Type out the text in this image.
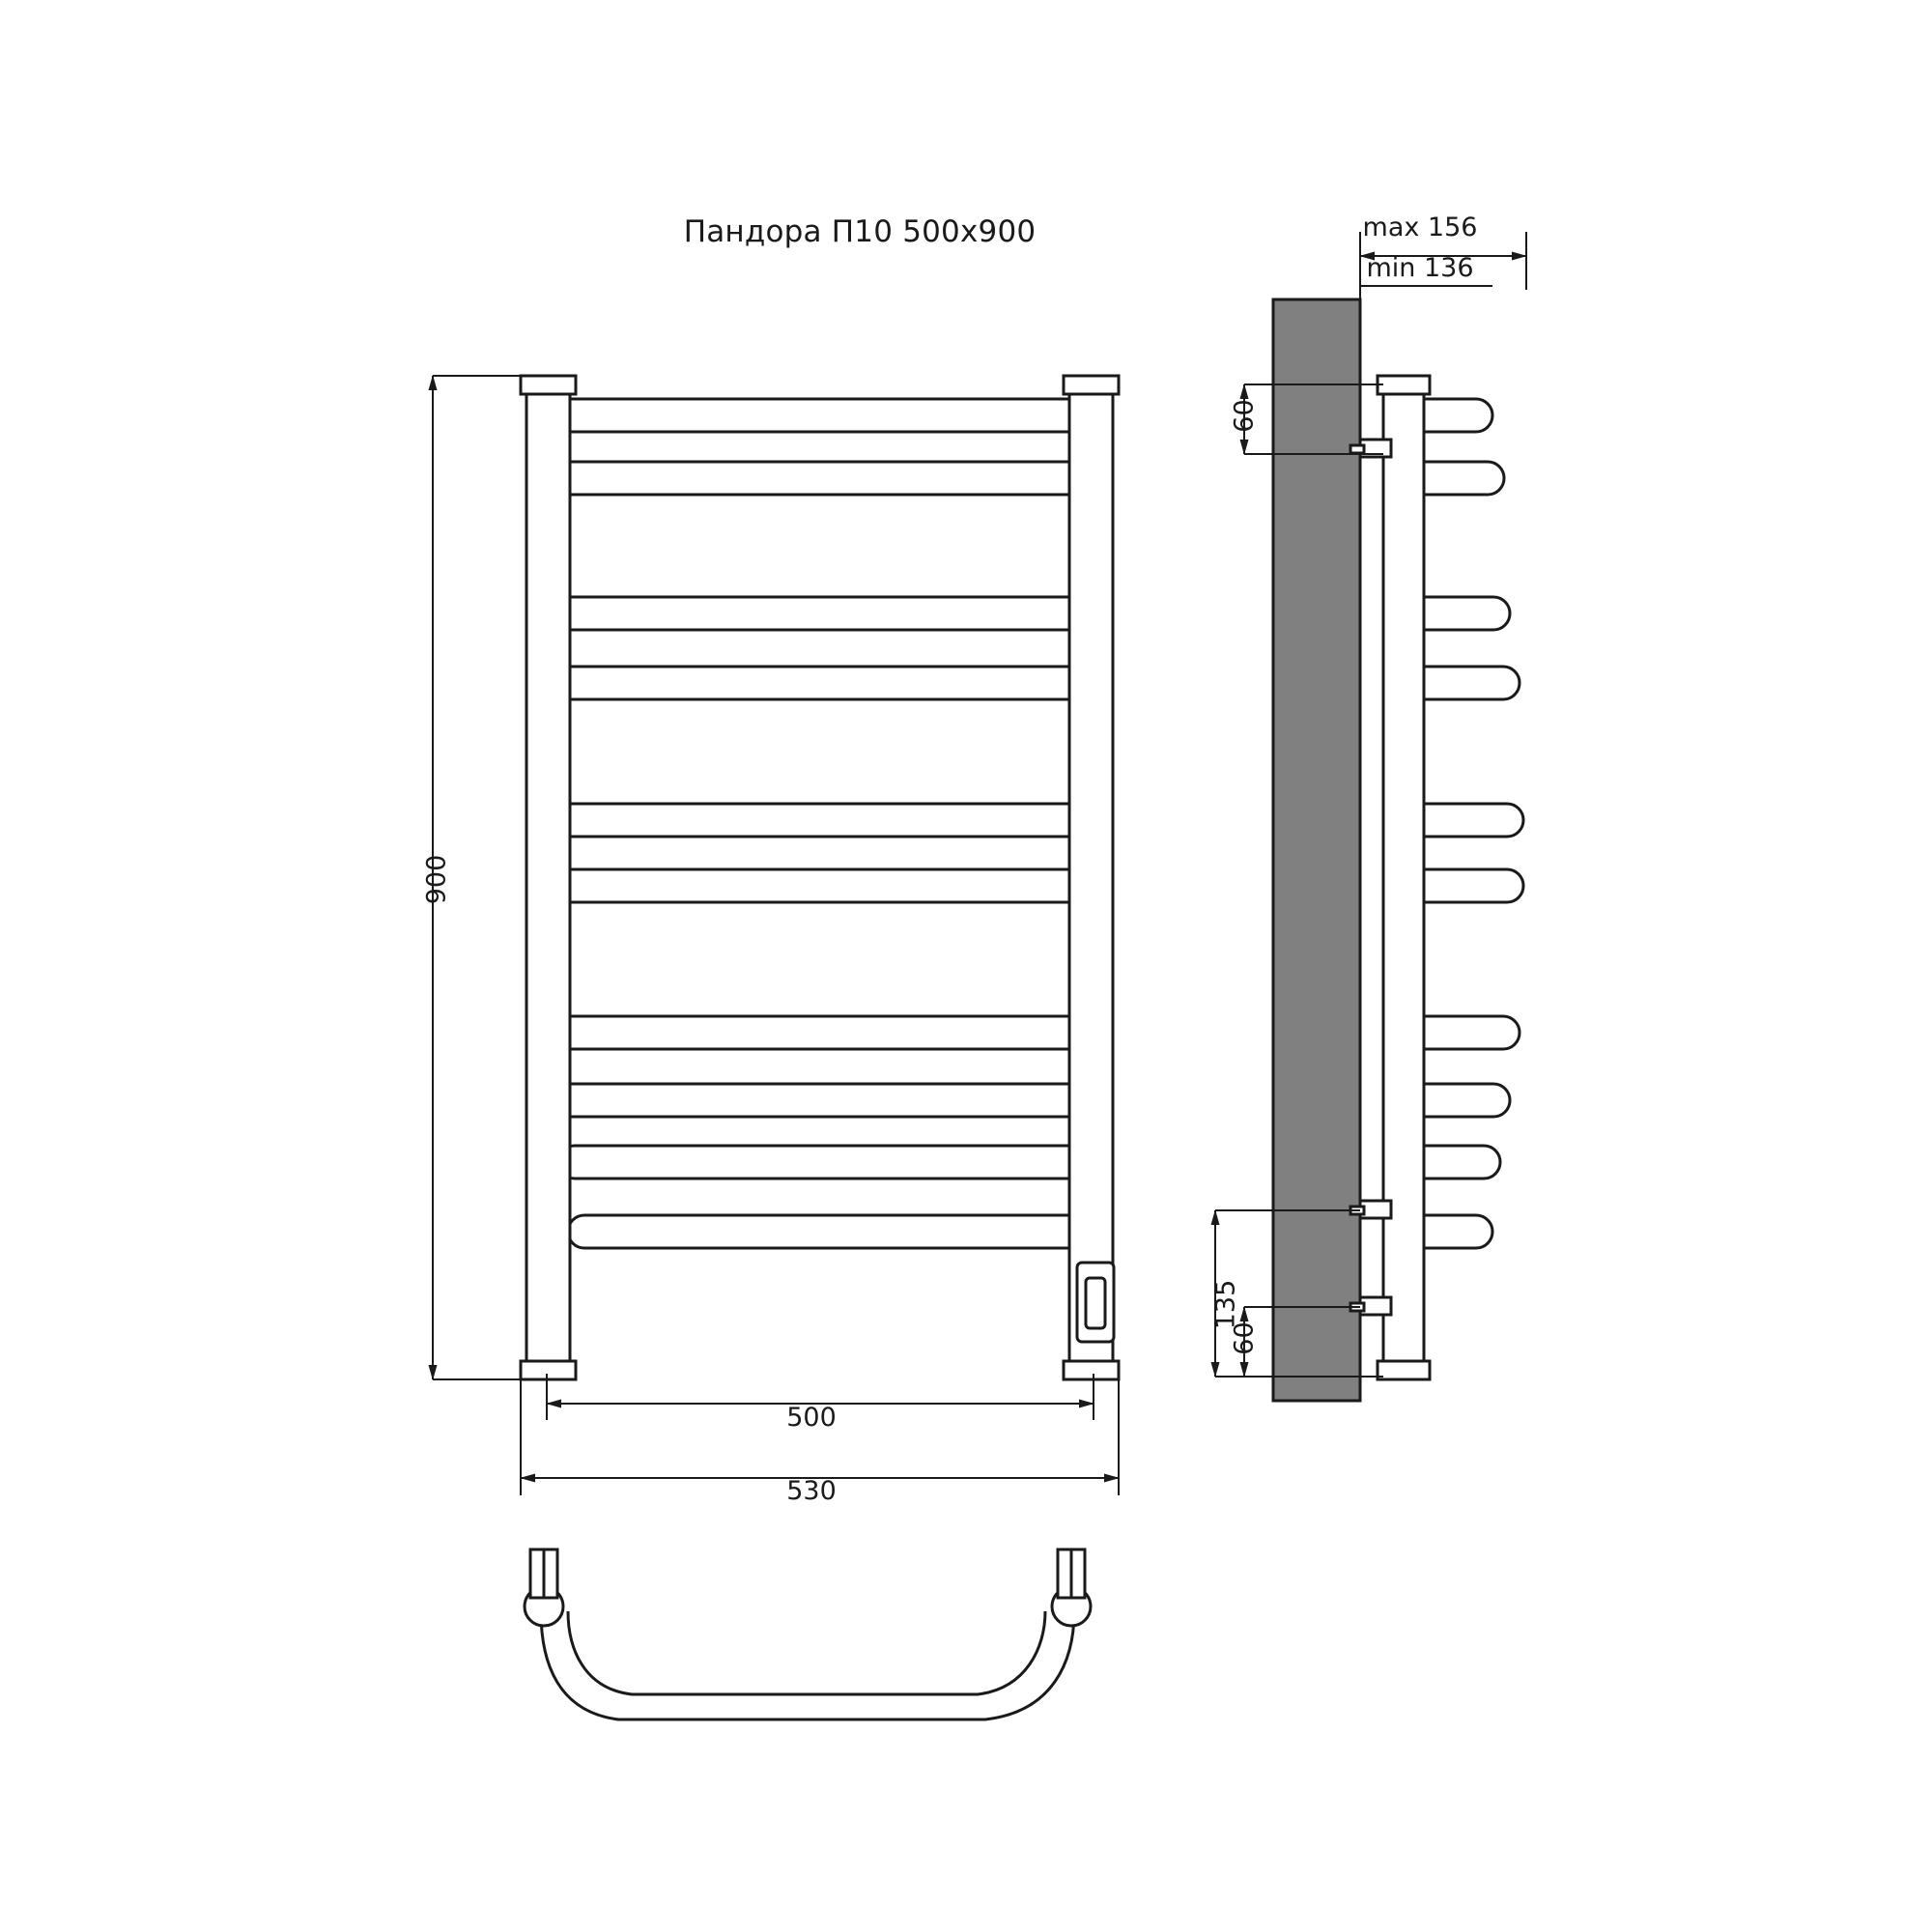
Пандора П10 500х900
900
500
530
max 156
min 136
60
135
60
